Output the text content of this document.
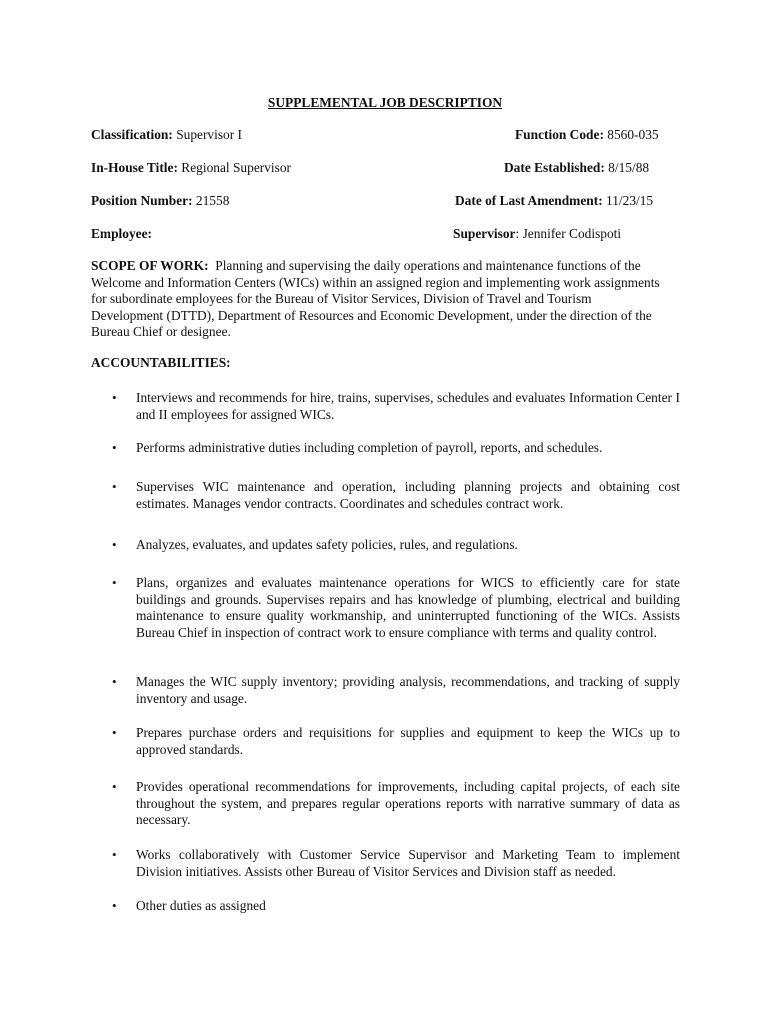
SUPPLEMENTAL JOB DESCRIPTION
Classification: Supervisor I	Function Code: 8560-035
In-House Title: Regional Supervisor	Date Established: 8/15/88
Position Number: 21558	Date of Last Amendment: 11/23/15
Employee:	Supervisor: Jennifer Codispoti
SCOPE OF WORK: Planning and supervising the daily operations and maintenance functions of the Welcome and Information Centers (WICs) within an assigned region and implementing work assignments for subordinate employees for the Bureau of Visitor Services, Division of Travel and Tourism Development (DTTD), Department of Resources and Economic Development, under the direction of the Bureau Chief or designee.
ACCOUNTABILITIES:
• Interviews and recommends for hire, trains, supervises, schedules and evaluates Information Center I and II employees for assigned WICs.
• Performs administrative duties including completion of payroll, reports, and schedules.
• Supervises WIC maintenance and operation, including planning projects and obtaining cost estimates. Manages vendor contracts. Coordinates and schedules contract work.
• Analyzes, evaluates, and updates safety policies, rules, and regulations.
• Plans, organizes and evaluates maintenance operations for WICS to efficiently care for state buildings and grounds. Supervises repairs and has knowledge of plumbing, electrical and building maintenance to ensure quality workmanship, and uninterrupted functioning of the WICs. Assists Bureau Chief in inspection of contract work to ensure compliance with terms and quality control.
• Manages the WIC supply inventory; providing analysis, recommendations, and tracking of supply inventory and usage.
• Prepares purchase orders and requisitions for supplies and equipment to keep the WICs up to approved standards.
• Provides operational recommendations for improvements, including capital projects, of each site throughout the system, and prepares regular operations reports with narrative summary of data as necessary.
• Works collaboratively with Customer Service Supervisor and Marketing Team to implement Division initiatives. Assists other Bureau of Visitor Services and Division staff as needed.
• Other duties as assigned
